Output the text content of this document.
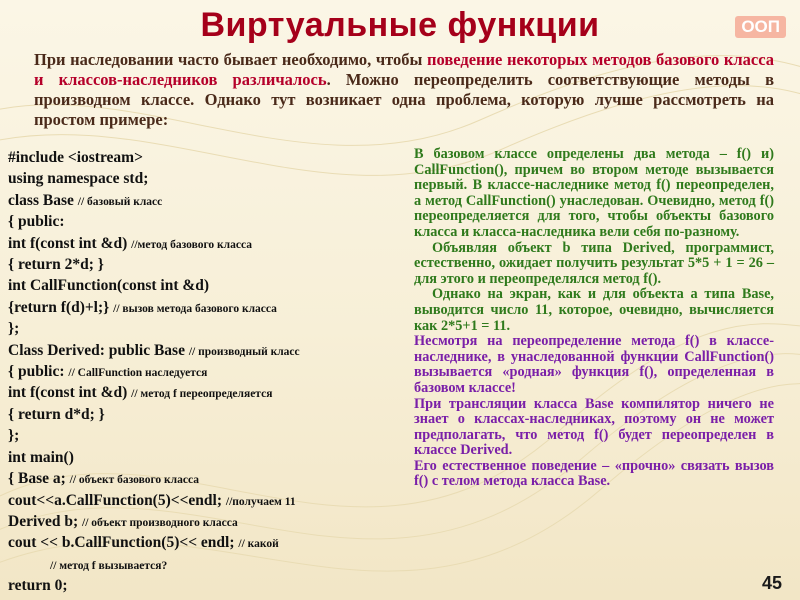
Виртуальные функции	ООП
При наследовании часто бывает необходимо, чтобы поведение некоторых методов базового класса и классов-наследников различалось. Можно переопределить соответствующие методы в производном классе. Однако тут возникает одна проблема, которую лучше рассмотреть на простом примере:
#include <iostream>
using namespace std;
class Base // базовый класс
{ public:
int f(const int &d) //метод базового класса
{ return 2*d; }
int CallFunction(const int &d)
{return f(d)+l;} // вызов метода базового класса
};
Class Derived: public Base // производный класс
{ public: // CallFunction наследуется
int f(const int &d) // метод f переопределяется
{ return d*d; }
};
int main()
{ Base a; // объект базового класса
cout<<a.CallFunction(5)<<endl; //получаем 11
Derived b; // объект производного класса
cout << b.CallFunction(5)<< endl; // какой
// метод f вызывается?
return 0;

В базовом классе определены два метода – f() и) CallFunction(), причем во втором методе вызывается первый. В классе-наследнике метод f() переопределен, а метод CallFunction() унаследован. Очевидно, метод f() переопределяется для того, чтобы объекты базового класса и класса-наследника вели себя по-разному.

Объявляя объект b типа Derived, программист, естественно, ожидает получить результат 5*5 + 1 = 26 – для этого и переопределялся метод f().

Однако на экран, как и для объекта а типа Base, выводится число 11, которое, очевидно, вычисляется как 2*5+1 = 11.

Несмотря на переопределение метода f() в классе-наследнике, в унаследованной функции CallFunction() вызывается «родная» функция f(), определенная в базовом классе!

При трансляции класса Base компилятор ничего не знает о классах-наследниках, поэтому он не может предполагать, что метод f() будет переопределен в классе Derived.

Его естественное поведение – «прочно» связать вызов f() с телом метода класса Base.

45
